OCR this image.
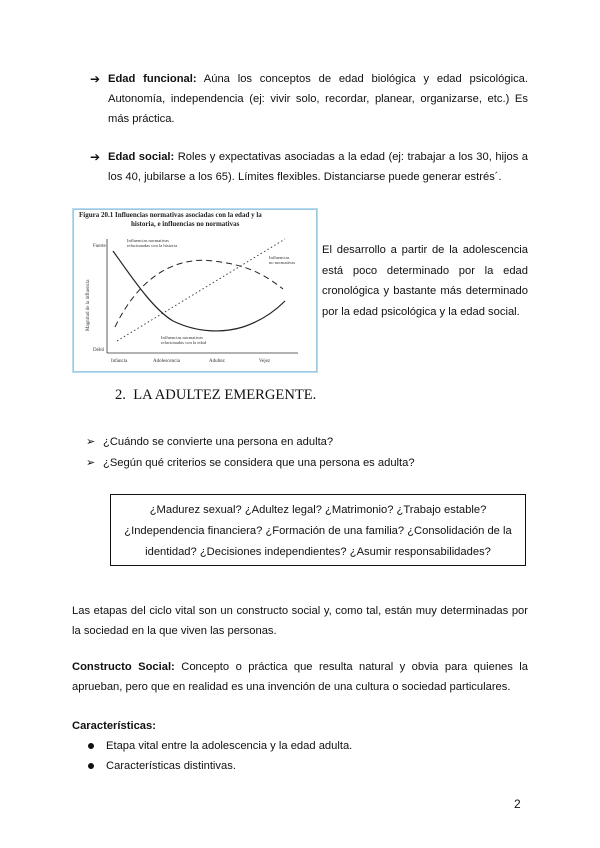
➔ Edad funcional: Aúna los conceptos de edad biológica y edad psicológica. Autonomía, independencia (ej: vivir solo, recordar, planear, organizarse, etc.) Es más práctica.
➔ Edad social: Roles y expectativas asociadas a la edad (ej: trabajar a los 30, hijos a los 40, jubilarse a los 65). Límites flexibles. Distanciarse puede generar estrés´.
Figura 20.1 Influencias normativas asociadas con la edad y la
historia, e influencias no normativas
Fuerte
Débil
Magnitud de la influencia
Infancia	Adolescencia	Adultez	Vejez
Influencias normativas
relacionadas con la historia
Influencias
no normativas
Influencias normativas
relacionadas con la edad
El desarrollo a partir de la adolescencia está poco determinado por la edad cronológica y bastante más determinado por la edad psicológica y la edad social.
2. LA ADULTEZ EMERGENTE.
➢ ¿Cuándo se convierte una persona en adulta?
➢ ¿Según qué criterios se considera que una persona es adulta?

¿Madurez sexual? ¿Adultez legal? ¿Matrimonio? ¿Trabajo estable?

¿Independencia financiera? ¿Formación de una familia? ¿Consolidación de la

identidad? ¿Decisiones independientes? ¿Asumir responsabilidades?

Las etapas del ciclo vital son un constructo social y, como tal, están muy determinadas por la sociedad en la que viven las personas.
Constructo Social: Concepto o práctica que resulta natural y obvia para quienes la aprueban, pero que en realidad es una invención de una cultura o sociedad particulares.
Características:
Etapa vital entre la adolescencia y la edad adulta.
Características distintivas.
2
